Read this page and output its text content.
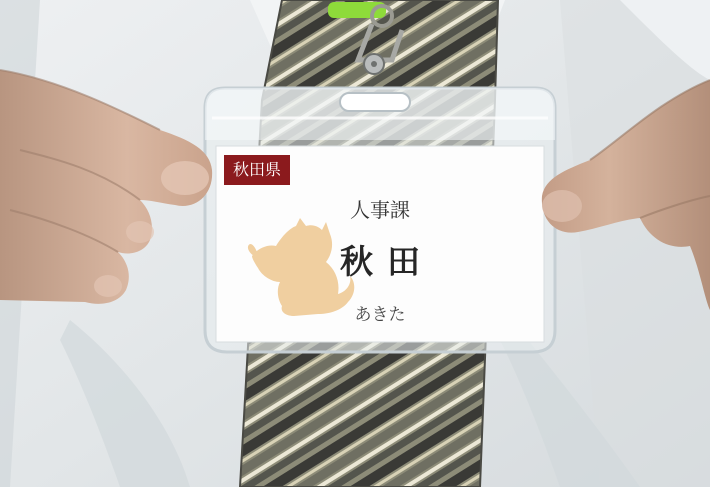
秋田県

人事課

秋田

あきた
